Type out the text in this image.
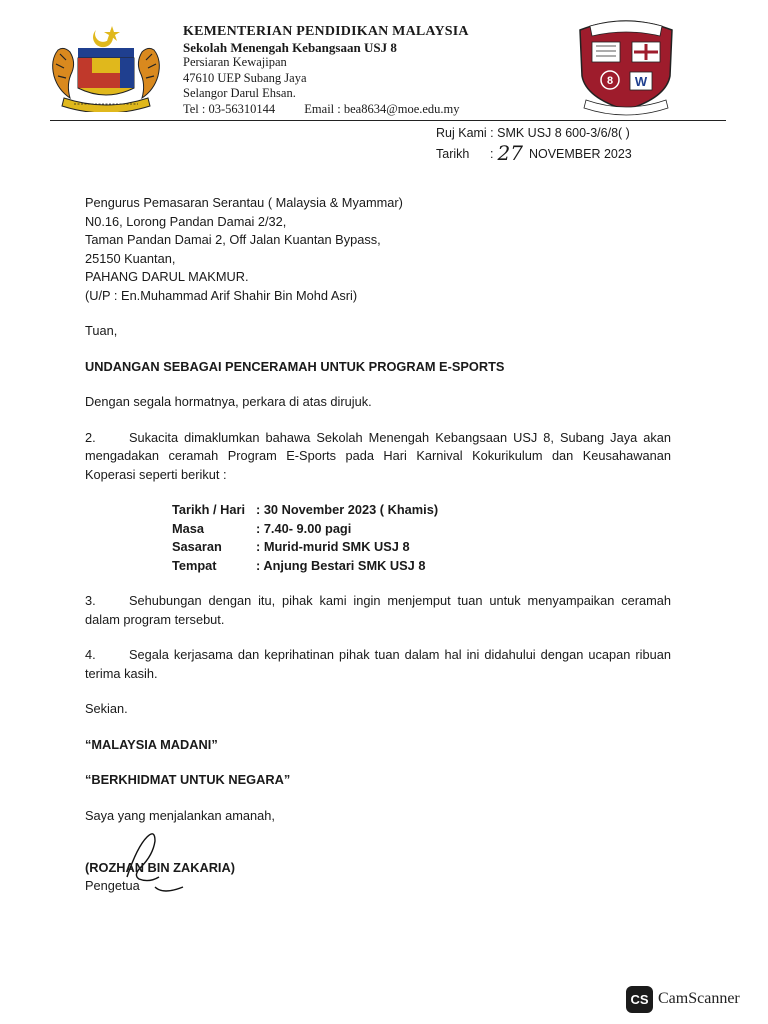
KEMENTERIAN PENDIDIKAN MALAYSIA
Sekolah Menengah Kebangsaan USJ 8
Persiaran Kewajipan
47610 UEP Subang Jaya
Selangor Darul Ehsan.
Tel : 03-56310144 Email : bea8634@moe.edu.my
8 W
Ruj Kami : SMK USJ 8 600-3/6/8( )
Tarikh : 27 NOVEMBER 2023
Pengurus Pemasaran Serantau ( Malaysia & Myammar)
N0.16, Lorong Pandan Damai 2/32,
Taman Pandan Damai 2, Off Jalan Kuantan Bypass,
25150 Kuantan,
PAHANG DARUL MAKMUR.
(U/P : En.Muhammad Arif Shahir Bin Mohd Asri)
Tuan,
UNDANGAN SEBAGAI PENCERAMAH UNTUK PROGRAM E-SPORTS
Dengan segala hormatnya, perkara di atas dirujuk.
2.	Sukacita dimaklumkan bahawa Sekolah Menengah Kebangsaan USJ 8, Subang Jaya akan mengadakan ceramah Program E-Sports pada Hari Karnival Kokurikulum dan Keusahawanan Koperasi seperti berikut :
Tarikh / Hari : 30 November 2023 ( Khamis)
Masa	: 7.40- 9.00 pagi
Sasaran	: Murid-murid SMK USJ 8
Tempat	: Anjung Bestari SMK USJ 8
3.	Sehubungan dengan itu, pihak kami ingin menjemput tuan untuk menyampaikan ceramah dalam program tersebut.
4.	Segala kerjasama dan keprihatinan pihak tuan dalam hal ini didahului dengan ucapan ribuan terima kasih.
Sekian.
“MALAYSIA MADANI”
“BERKHIDMAT UNTUK NEGARA”
Saya yang menjalankan amanah,
(ROZHAN BIN ZAKARIA)
Pengetua
CS CamScanner
